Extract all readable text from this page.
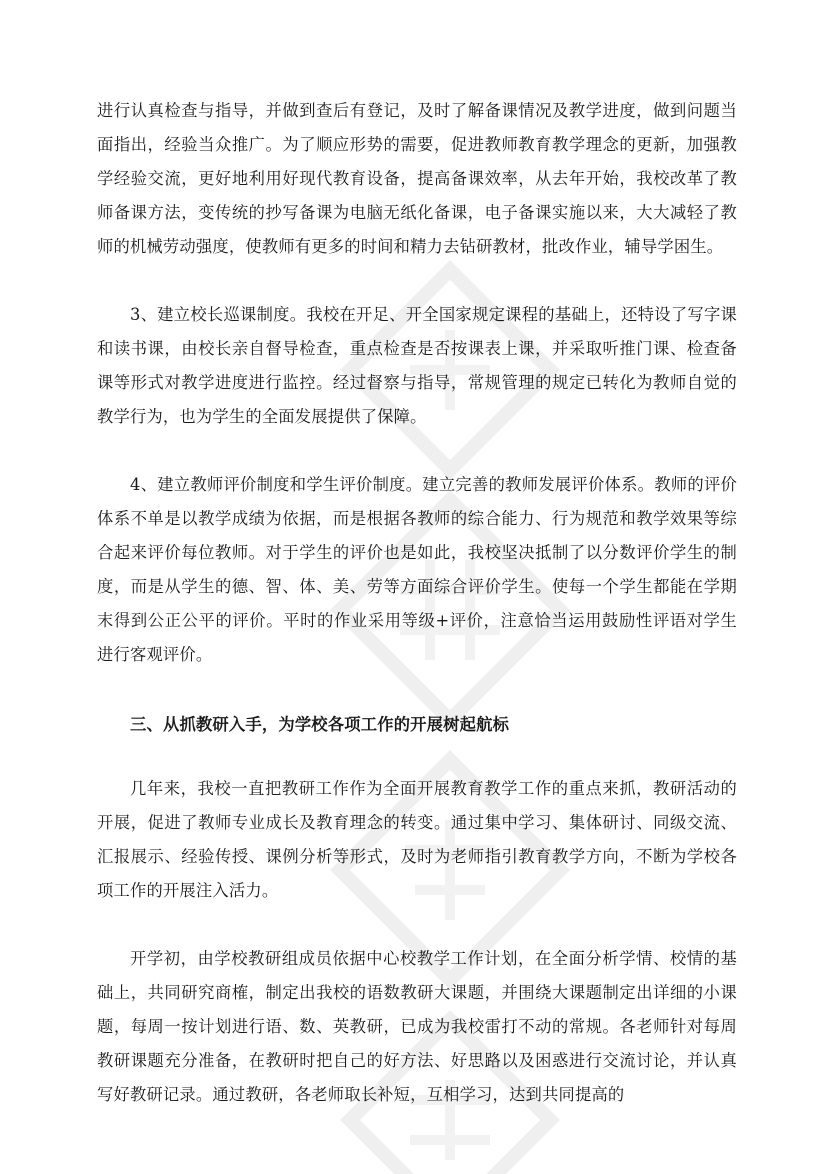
进行认真检查与指导，并做到查后有登记，及时了解备课情况及教学进度，做到问题当面指出，经验当众推广。为了顺应形势的需要，促进教师教育教学理念的更新，加强教学经验交流，更好地利用好现代教育设备，提高备课效率，从去年开始，我校改革了教师备课方法，变传统的抄写备课为电脑无纸化备课，电子备课实施以来，大大减轻了教师的机械劳动强度，使教师有更多的时间和精力去钻研教材，批改作业，辅导学困生。

3、建立校长巡课制度。我校在开足、开全国家规定课程的基础上，还特设了写字课和读书课，由校长亲自督导检查，重点检查是否按课表上课，并采取听推门课、检查备课等形式对教学进度进行监控。经过督察与指导，常规管理的规定已转化为教师自觉的教学行为，也为学生的全面发展提供了保障。

4、建立教师评价制度和学生评价制度。建立完善的教师发展评价体系。教师的评价体系不单是以教学成绩为依据，而是根据各教师的综合能力、行为规范和教学效果等综合起来评价每位教师。对于学生的评价也是如此，我校坚决抵制了以分数评价学生的制度，而是从学生的德、智、体、美、劳等方面综合评价学生。使每一个学生都能在学期末得到公正公平的评价。平时的作业采用等级+评价，注意恰当运用鼓励性评语对学生进行客观评价。

三、从抓教研入手，为学校各项工作的开展树起航标

几年来，我校一直把教研工作作为全面开展教育教学工作的重点来抓，教研活动的开展，促进了教师专业成长及教育理念的转变。通过集中学习、集体研讨、同级交流、汇报展示、经验传授、课例分析等形式，及时为老师指引教育教学方向，不断为学校各项工作的开展注入活力。

开学初，由学校教研组成员依据中心校教学工作计划，在全面分析学情、校情的基础上，共同研究商榷，制定出我校的语数教研大课题，并围绕大课题制定出详细的小课题，每周一按计划进行语、数、英教研，已成为我校雷打不动的常规。各老师针对每周教研课题充分准备，在教研时把自己的好方法、好思路以及困惑进行交流讨论，并认真写好教研记录。通过教研，各老师取长补短，互相学习，达到共同提高的
